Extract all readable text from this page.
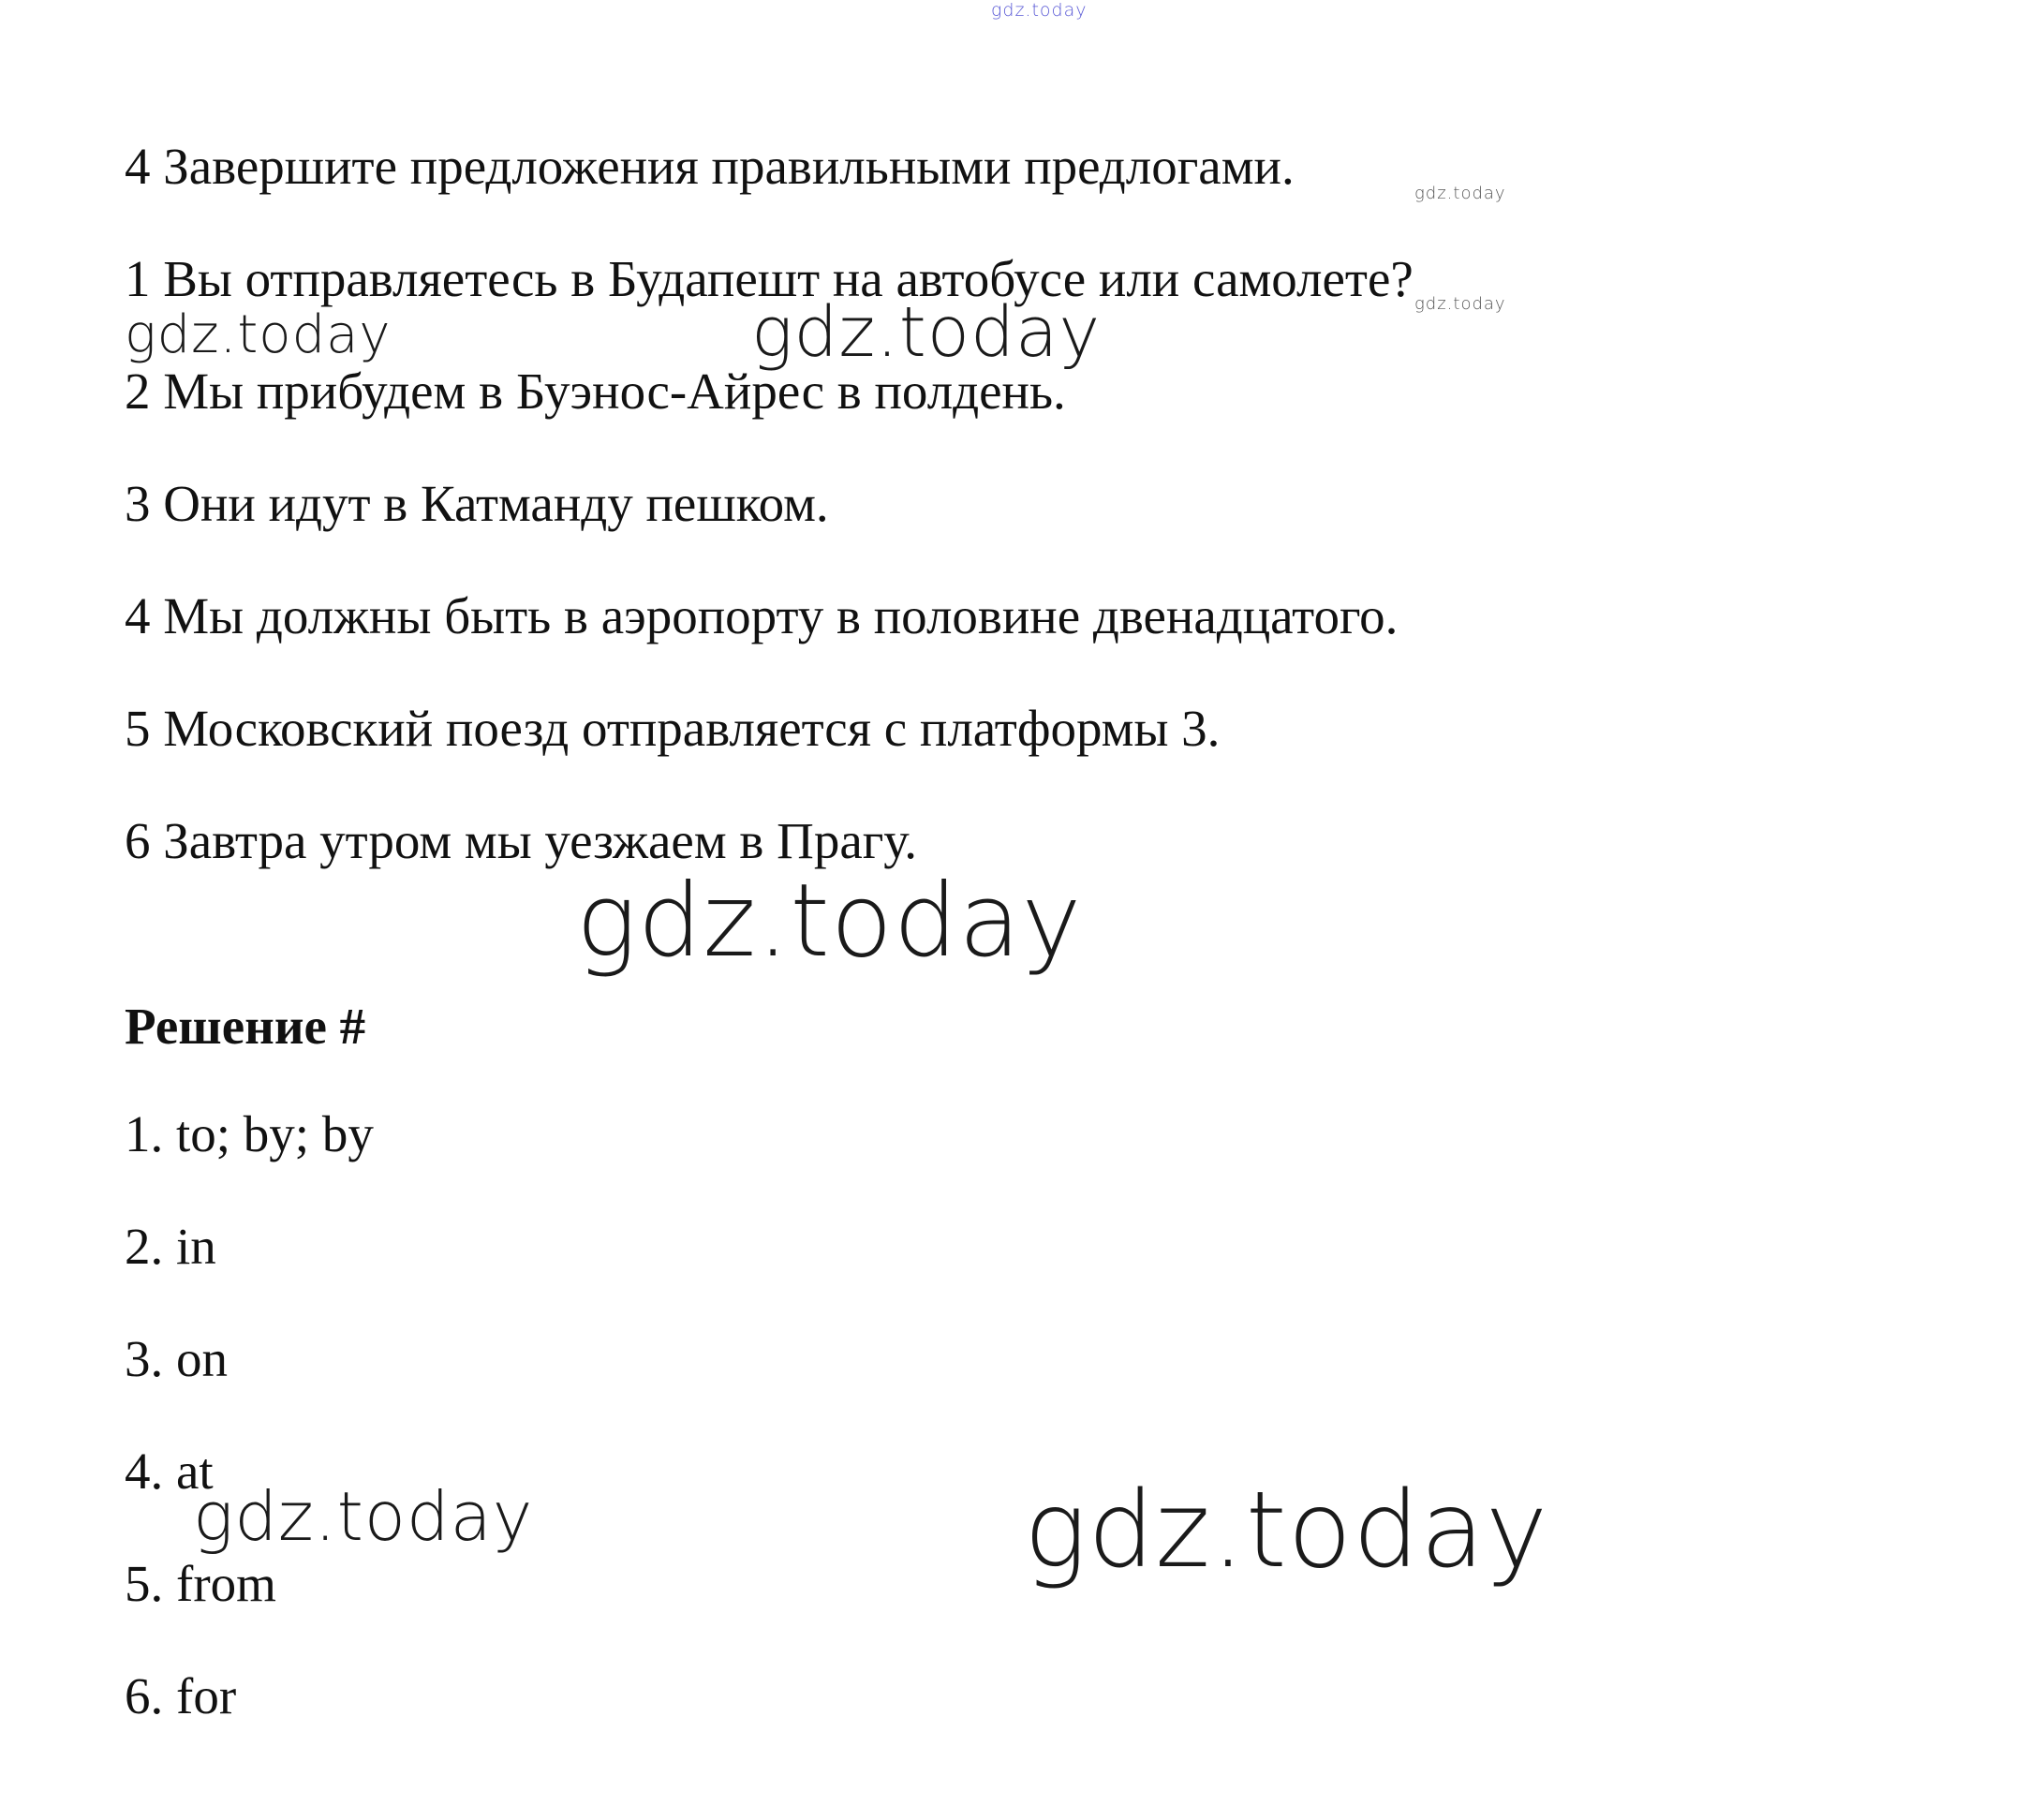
gdz.today
gdz.today
gdz.today
gdz.today	gdz.today
gdz.today
gdz.today	gdz.today

4 Завершите предложения правильными предлогами.

1 Вы отправляетесь в Будапешт на автобусе или самолете?

2 Мы прибудем в Буэнос-Айрес в полдень.

3 Они идут в Катманду пешком.

4 Мы должны быть в аэропорту в половине двенадцатого.

5 Московский поезд отправляется с платформы 3.

6 Завтра утром мы уезжаем в Прагу.

Решение #

1. to; by; by

2. in

3. on

4. at

5. from

6. for
